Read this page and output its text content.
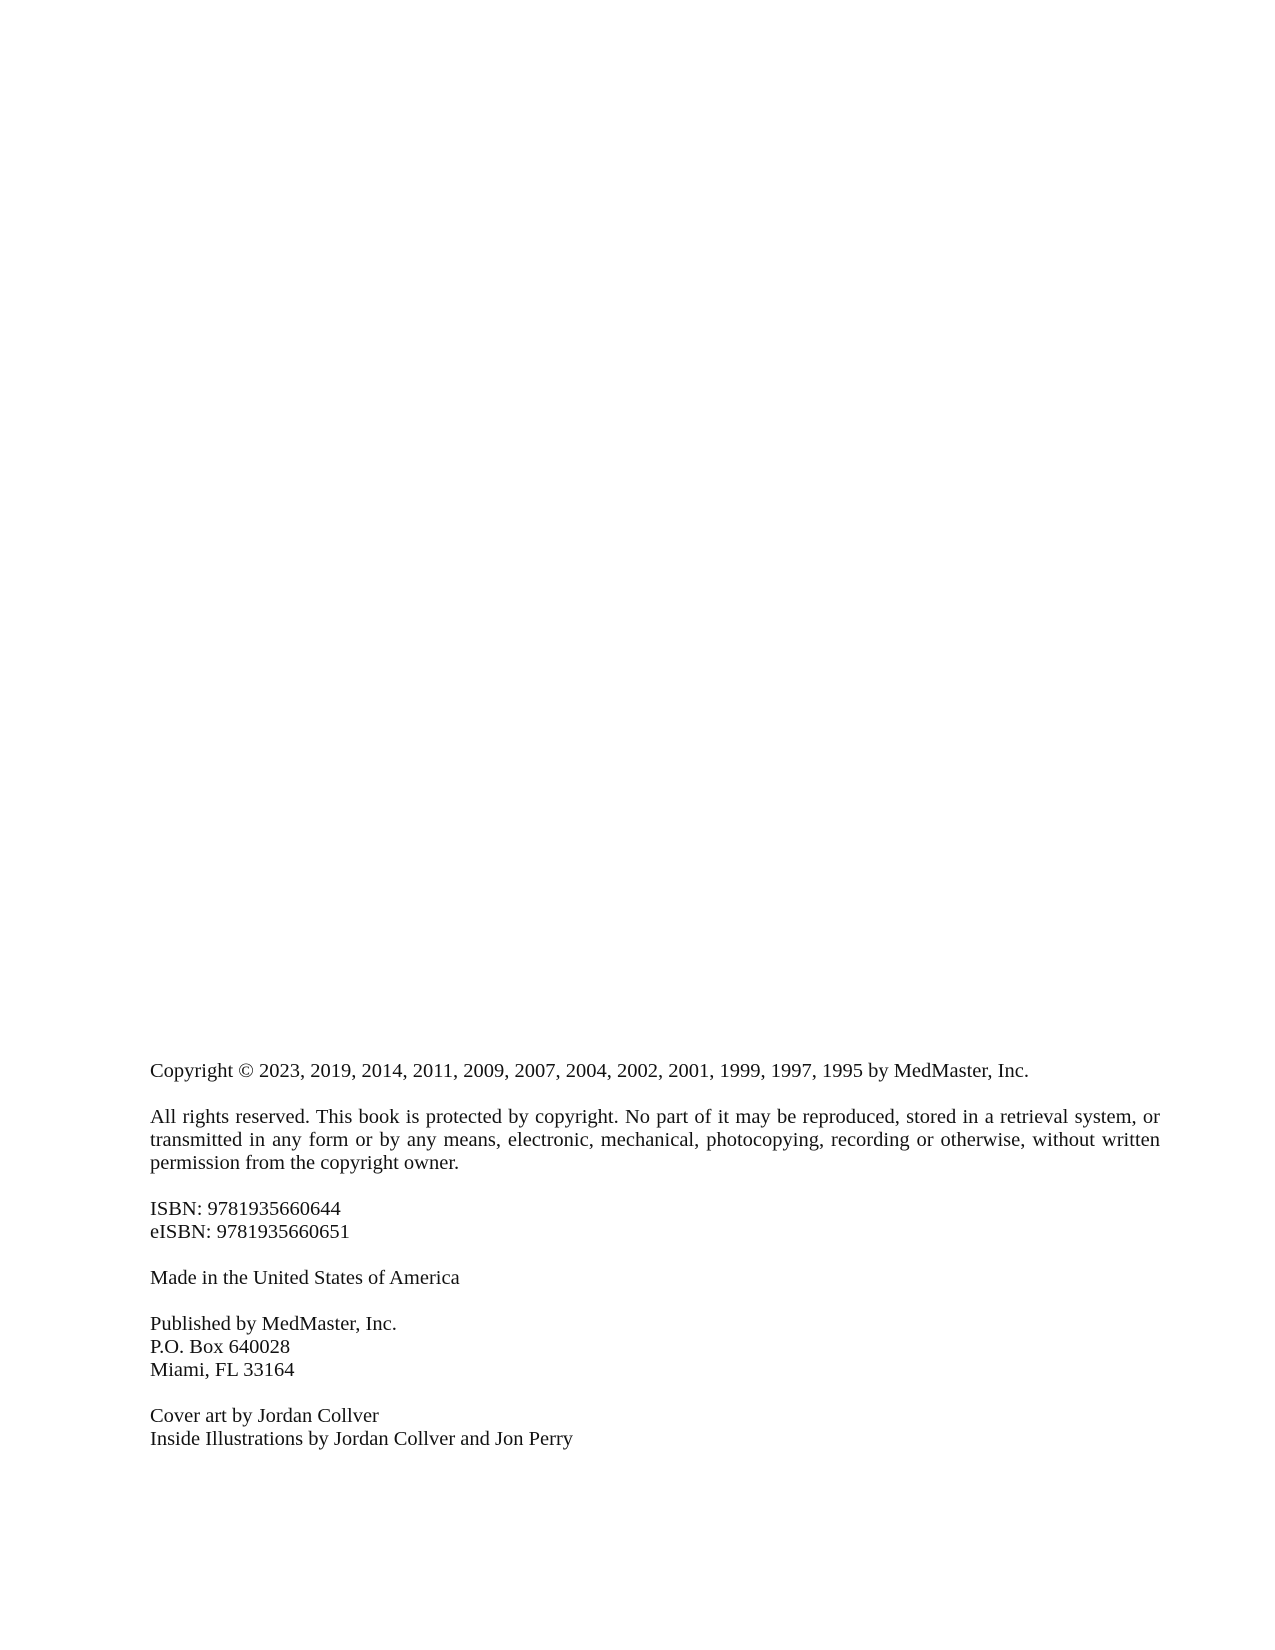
Copyright © 2023, 2019, 2014, 2011, 2009, 2007, 2004, 2002, 2001, 1999, 1997, 1995 by MedMaster, Inc.

All rights reserved. This book is protected by copyright. No part of it may be reproduced, stored in a retrieval system, or transmitted in any form or by any means, electronic, mechanical, photocopying, recording or otherwise, without written permission from the copyright owner.

ISBN: 9781935660644
eISBN: 9781935660651

Made in the United States of America

Published by MedMaster, Inc.
P.O. Box 640028
Miami, FL 33164

Cover art by Jordan Collver
Inside Illustrations by Jordan Collver and Jon Perry
